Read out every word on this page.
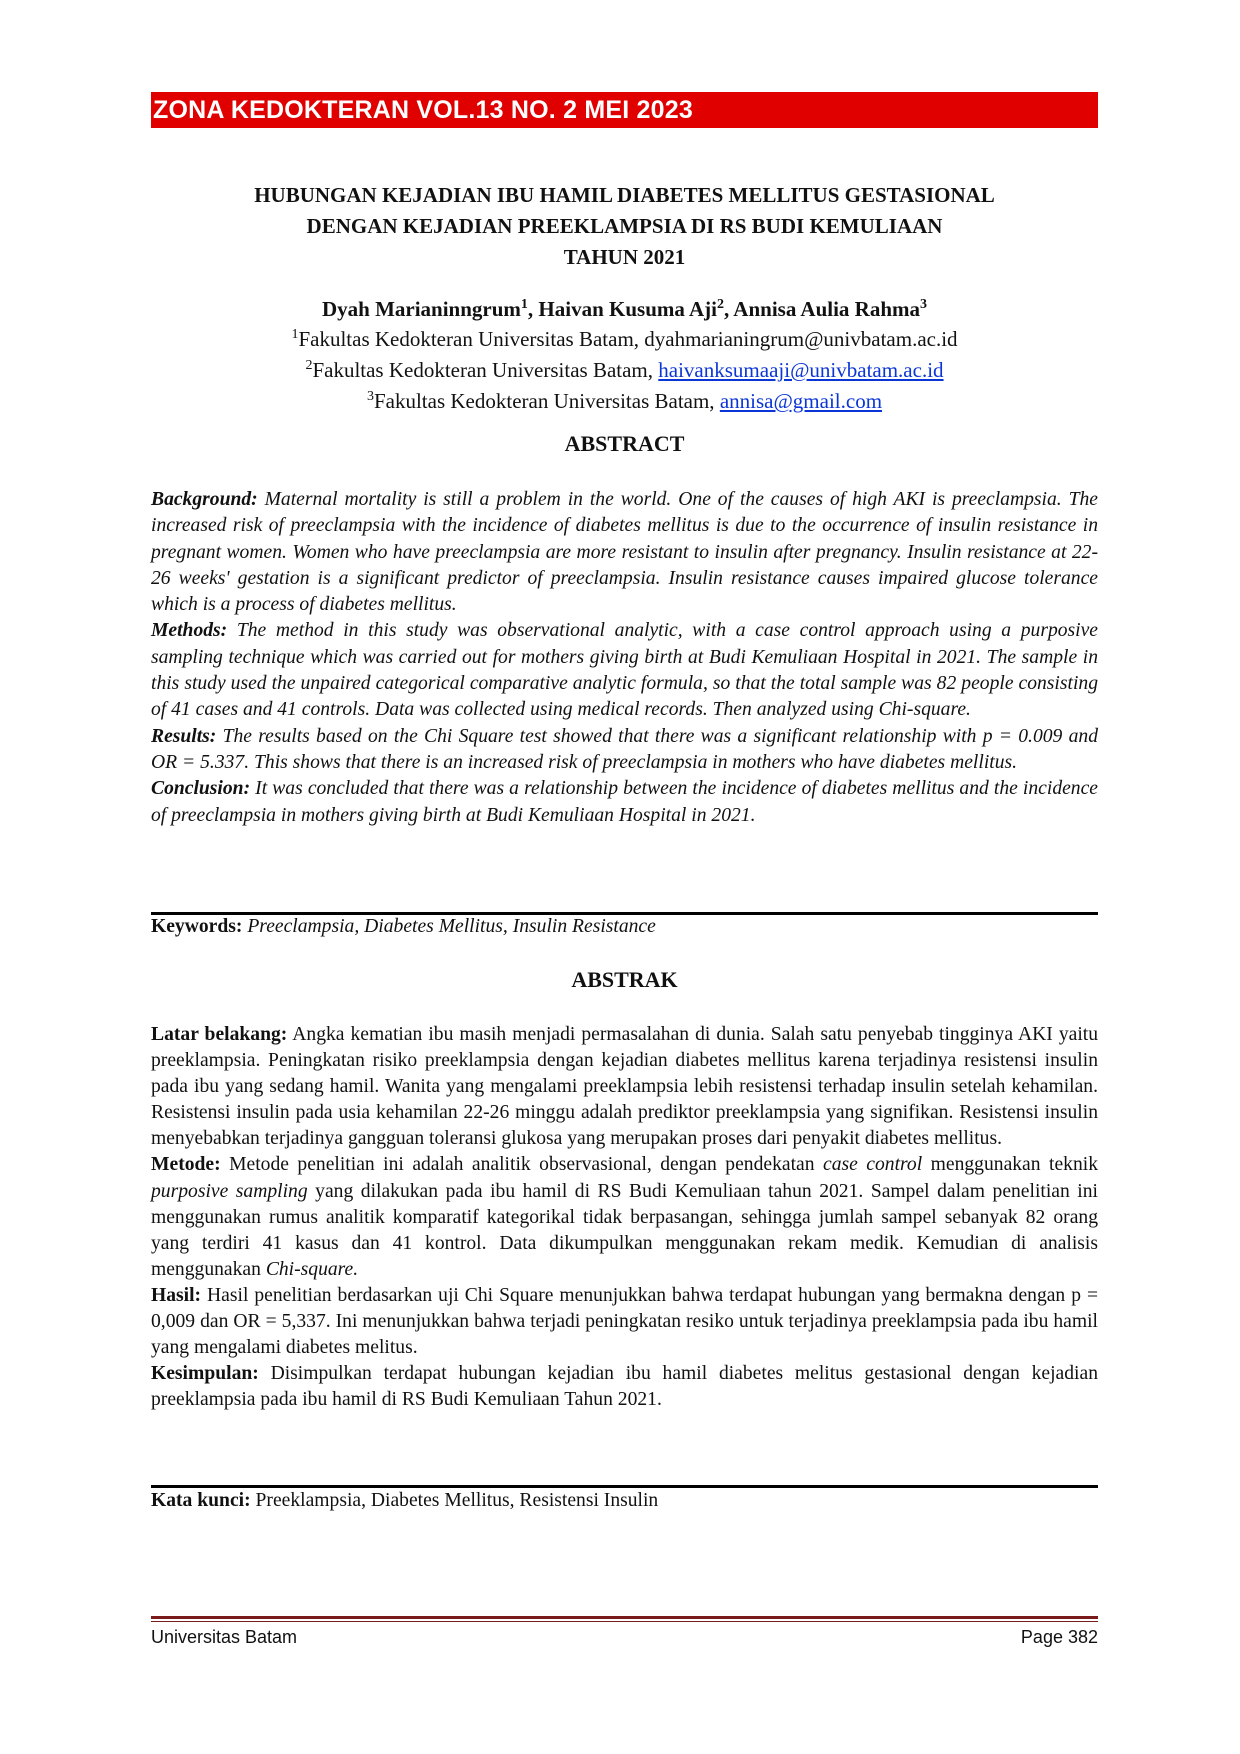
ZONA KEDOKTERAN VOL.13 NO. 2 MEI 2023
HUBUNGAN KEJADIAN IBU HAMIL DIABETES MELLITUS GESTASIONAL
DENGAN KEJADIAN PREEKLAMPSIA DI RS BUDI KEMULIAAN
TAHUN 2021
Dyah Marianinngrum$^1$, Haivan Kusuma Aji$^2$, Annisa Aulia Rahma$^3$
$^1$Fakultas Kedokteran Universitas Batam, dyahmarianingrum@univbatam.ac.id
$^2$Fakultas Kedokteran Universitas Batam, haivanksumaaji@univbatam.ac.id
$^3$Fakultas Kedokteran Universitas Batam, annisa@gmail.com
ABSTRACT

Background: Maternal mortality is still a problem in the world. One of the causes of high AKI is preeclampsia. The increased risk of preeclampsia with the incidence of diabetes mellitus is due to the occurrence of insulin resistance in pregnant women. Women who have preeclampsia are more resistant to insulin after pregnancy. Insulin resistance at 22-26 weeks' gestation is a significant predictor of preeclampsia. Insulin resistance causes impaired glucose tolerance which is a process of diabetes mellitus.

Methods: The method in this study was observational analytic, with a case control approach using a purposive sampling technique which was carried out for mothers giving birth at Budi Kemuliaan Hospital in 2021. The sample in this study used the unpaired categorical comparative analytic formula, so that the total sample was 82 people consisting of 41 cases and 41 controls. Data was collected using medical records. Then analyzed using Chi-square.

Results: The results based on the Chi Square test showed that there was a significant relationship with p = 0.009 and OR = 5.337. This shows that there is an increased risk of preeclampsia in mothers who have diabetes mellitus.

Conclusion: It was concluded that there was a relationship between the incidence of diabetes mellitus and the incidence of preeclampsia in mothers giving birth at Budi Kemuliaan Hospital in 2021.

Keywords: Preeclampsia, Diabetes Mellitus, Insulin Resistance
ABSTRAK

Latar belakang: Angka kematian ibu masih menjadi permasalahan di dunia. Salah satu penyebab tingginya AKI yaitu preeklampsia. Peningkatan risiko preeklampsia dengan kejadian diabetes mellitus karena terjadinya resistensi insulin pada ibu yang sedang hamil. Wanita yang mengalami preeklampsia lebih resistensi terhadap insulin setelah kehamilan. Resistensi insulin pada usia kehamilan 22-26 minggu adalah prediktor preeklampsia yang signifikan. Resistensi insulin menyebabkan terjadinya gangguan toleransi glukosa yang merupakan proses dari penyakit diabetes mellitus.

Metode: Metode penelitian ini adalah analitik observasional, dengan pendekatan case control menggunakan teknik purposive sampling yang dilakukan pada ibu hamil di RS Budi Kemuliaan tahun 2021. Sampel dalam penelitian ini menggunakan rumus analitik komparatif kategorikal tidak berpasangan, sehingga jumlah sampel sebanyak 82 orang yang terdiri 41 kasus dan 41 kontrol. Data dikumpulkan menggunakan rekam medik. Kemudian di analisis menggunakan Chi-square.

Hasil: Hasil penelitian berdasarkan uji Chi Square menunjukkan bahwa terdapat hubungan yang bermakna dengan p = 0,009 dan OR = 5,337. Ini menunjukkan bahwa terjadi peningkatan resiko untuk terjadinya preeklampsia pada ibu hamil yang mengalami diabetes melitus.

Kesimpulan: Disimpulkan terdapat hubungan kejadian ibu hamil diabetes melitus gestasional dengan kejadian preeklampsia pada ibu hamil di RS Budi Kemuliaan Tahun 2021.

Kata kunci: Preeklampsia, Diabetes Mellitus, Resistensi Insulin
Universitas Batam	Page 382
